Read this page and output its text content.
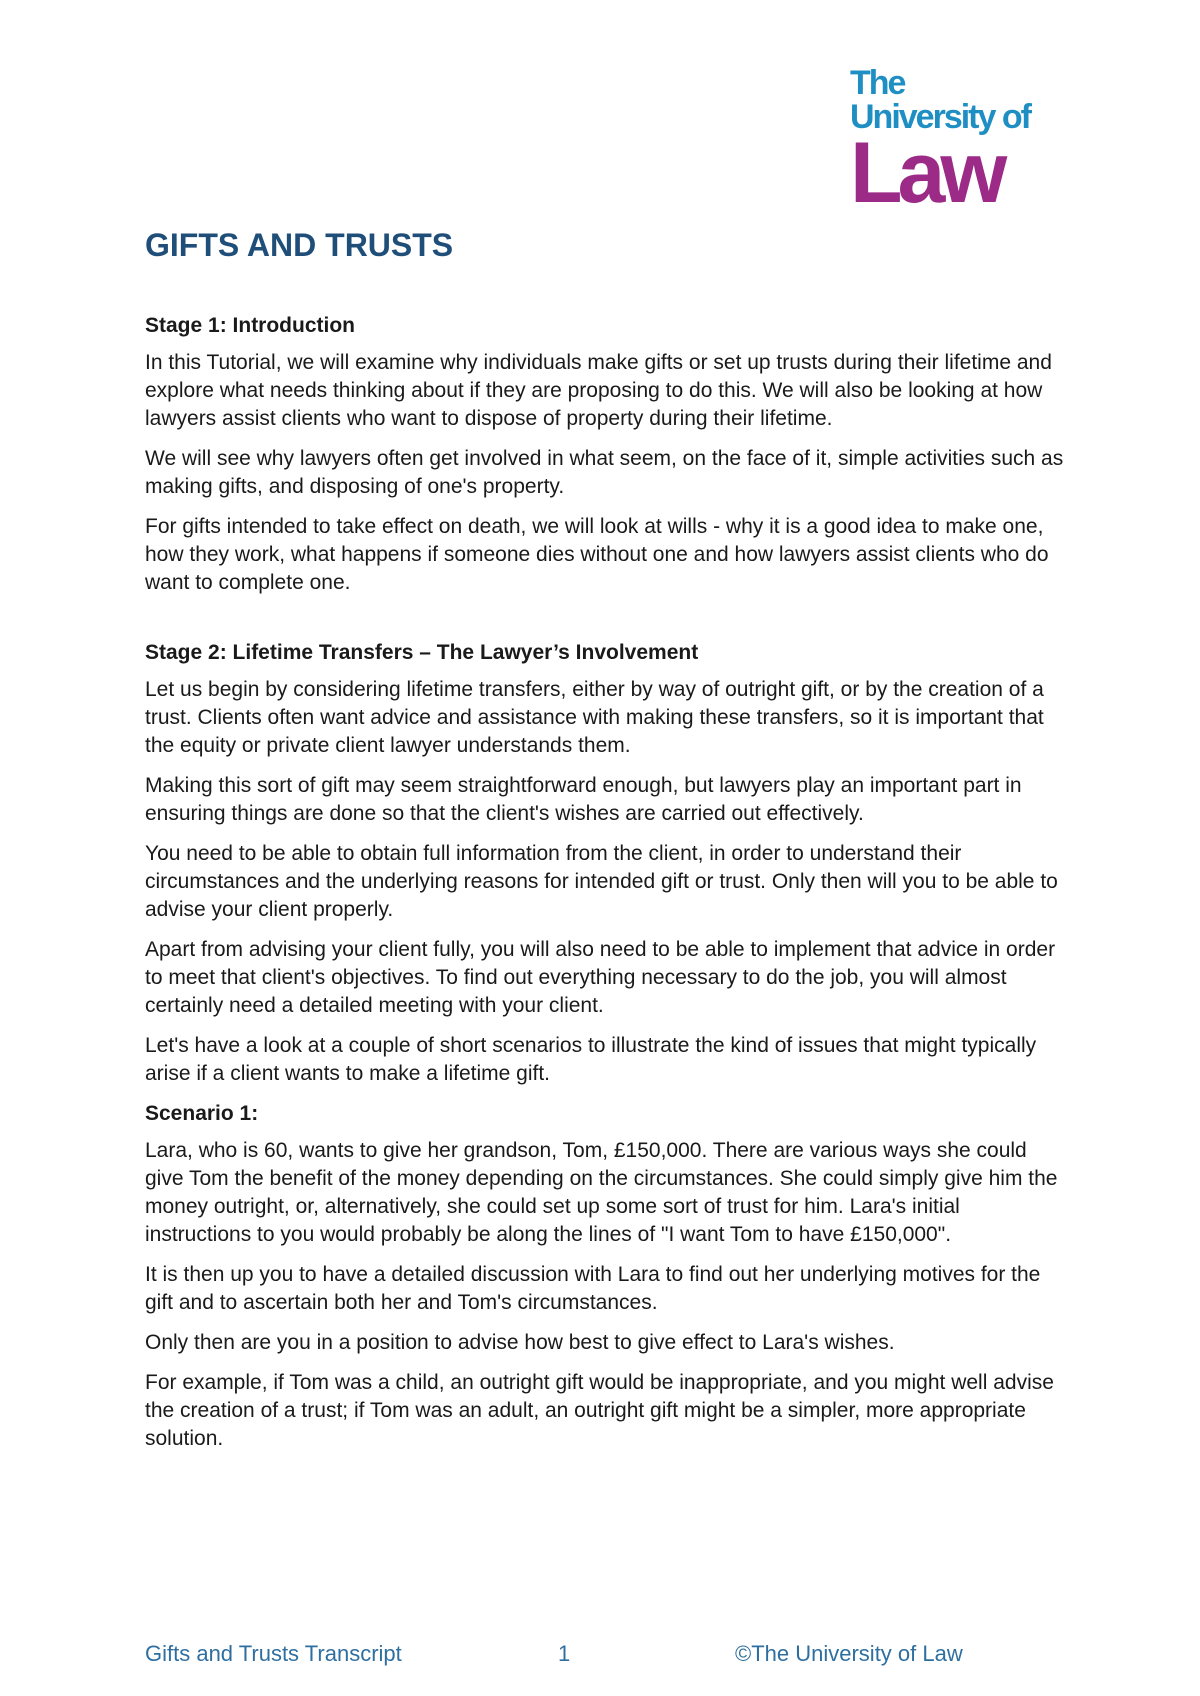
The
University of
Law
GIFTS AND TRUSTS
Stage 1: Introduction

In this Tutorial, we will examine why individuals make gifts or set up trusts during their lifetime and explore what needs thinking about if they are proposing to do this. We will also be looking at how lawyers assist clients who want to dispose of property during their lifetime.

We will see why lawyers often get involved in what seem, on the face of it, simple activities such as making gifts, and disposing of one's property.

For gifts intended to take effect on death, we will look at wills - why it is a good idea to make one, how they work, what happens if someone dies without one and how lawyers assist clients who do want to complete one.

Stage 2: Lifetime Transfers – The Lawyer’s Involvement

Let us begin by considering lifetime transfers, either by way of outright gift, or by the creation of a trust. Clients often want advice and assistance with making these transfers, so it is important that the equity or private client lawyer understands them.

Making this sort of gift may seem straightforward enough, but lawyers play an important part in ensuring things are done so that the client's wishes are carried out effectively.

You need to be able to obtain full information from the client, in order to understand their circumstances and the underlying reasons for intended gift or trust. Only then will you to be able to advise your client properly.

Apart from advising your client fully, you will also need to be able to implement that advice in order to meet that client's objectives. To find out everything necessary to do the job, you will almost certainly need a detailed meeting with your client.

Let's have a look at a couple of short scenarios to illustrate the kind of issues that might typically arise if a client wants to make a lifetime gift.

Scenario 1:

Lara, who is 60, wants to give her grandson, Tom, £150,000. There are various ways she could give Tom the benefit of the money depending on the circumstances. She could simply give him the money outright, or, alternatively, she could set up some sort of trust for him. Lara's initial instructions to you would probably be along the lines of "I want Tom to have £150,000".

It is then up you to have a detailed discussion with Lara to find out her underlying motives for the gift and to ascertain both her and Tom's circumstances.

Only then are you in a position to advise how best to give effect to Lara's wishes.

For example, if Tom was a child, an outright gift would be inappropriate, and you might well advise the creation of a trust; if Tom was an adult, an outright gift might be a simpler, more appropriate solution.

Gifts and Trusts Transcript	1	©The University of Law
